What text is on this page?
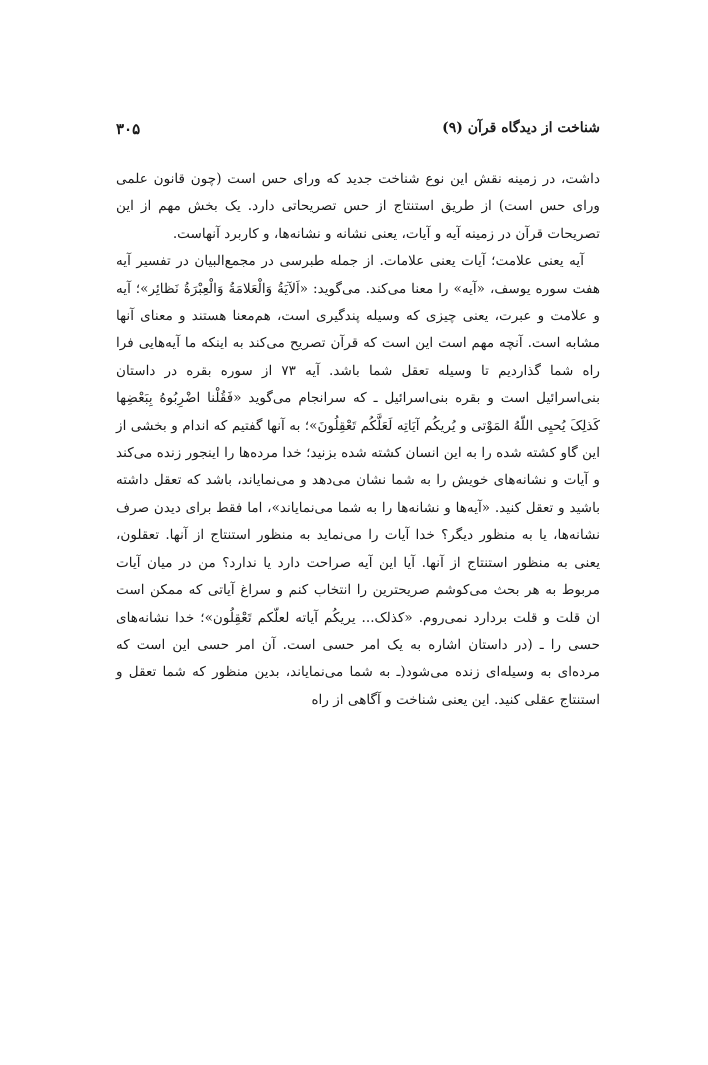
شناخت از دیدگاه قرآن (۹)
۳۰۵

داشت، در زمینه نقش این نوع شناخت جدید که ورای حس است (چون قانون علمی ورای حس است) از طریق استنتاج از حس تصریحاتی دارد. یک بخش مهم از این تصریحات قرآن در زمینه آیه و آیات، یعنی نشانه و نشانه‌ها، و کاربرد آنهاست.

آیه یعنی علامت؛ آیات یعنی علامات. از جمله طبرسی در مجمع‌البیان در تفسیر آیه هفت سوره یوسف، «آیه» را معنا می‌کند. می‌گوید: «اَلآیَةُ وَالْعَلامَةُ وَالْعِبْرَةُ نَظائِر»؛ آیه و علامت و عبرت، یعنی چیزی که وسیله پندگیری است، هم‌معنا هستند و معنای آنها مشابه است. آنچه مهم است این است که قرآن تصریح می‌کند به اینکه ما آیه‌هایی فرا راه شما گذاردیم تا وسیله تعقل شما باشد. آیه ۷۳ از سوره بقره در داستان بنی‌اسرائیل است و بقره بنی‌اسرائیل ـ که سرانجام می‌گوید «فَقُلْنا اضْرِبُوهُ بِبَعْضِها کَذلِکَ یُحیِی اللّهُ المَوْتی و یُریکُم آیَاتِه لَعَلَّکُم تَعْقِلُونَ»؛ به آنها گفتیم که اندام و بخشی از این گاو کشته شده را به این انسان کشته شده بزنید؛ خدا مرده‌ها را اینجور زنده می‌کند و آیات و نشانه‌های خویش را به شما نشان می‌دهد و می‌نمایاند، باشد که تعقل داشته باشید و تعقل کنید. «آیه‌ها و نشانه‌ها را به شما می‌نمایاند»، اما فقط برای دیدن صرف نشانه‌ها، یا به منظور دیگر؟ خدا آیات را می‌نماید به منظور استنتاج از آنها. تعقلون، یعنی به منظور استنتاج از آنها. آیا این آیه صراحت دارد یا ندارد؟ من در میان آیات مربوط به هر بحث می‌کوشم صریحترین را انتخاب کنم و سراغ آیاتی که ممکن است ان قلت و قلت بردارد نمی‌روم. «کذلک... یریکُم آیاته لعلّکم تَعْقِلُون»؛ خدا نشانه‌های حسی را ـ (در داستان اشاره به یک امر حسی است. آن امر حسی این است که مرده‌ای به وسیله‌ای زنده می‌شود(ـ به شما می‌نمایاند، بدین منظور که شما تعقل و استنتاج عقلی کنید. این یعنی شناخت و آگاهی از راه
